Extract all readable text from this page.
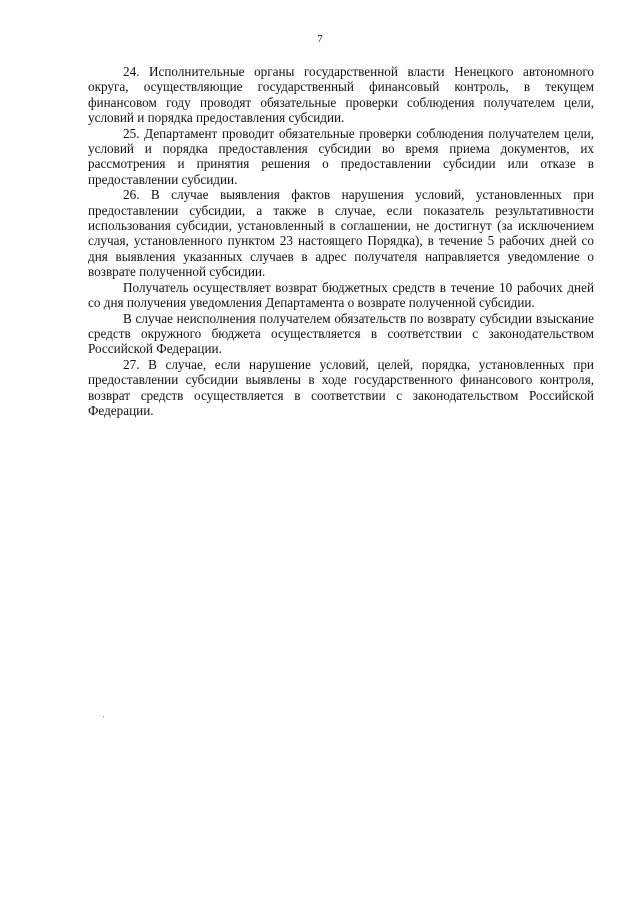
7

24. Исполнительные органы государственной власти Ненецкого автономного округа, осуществляющие государственный финансовый контроль, в текущем финансовом году проводят обязательные проверки соблюдения получателем цели, условий и порядка предоставления субсидии.

25. Департамент проводит обязательные проверки соблюдения получателем цели, условий и порядка предоставления субсидии во время приема документов, их рассмотрения и принятия решения о предоставлении субсидии или отказе в предоставлении субсидии.

26. В случае выявления фактов нарушения условий, установленных при предоставлении субсидии, а также в случае, если показатель результативности использования субсидии, установленный в соглашении, не достигнут (за исключением случая, установленного пунктом 23 настоящего Порядка), в течение 5 рабочих дней со дня выявления указанных случаев в адрес получателя направляется уведомление о возврате полученной субсидии.

Получатель осуществляет возврат бюджетных средств в течение 10 рабочих дней со дня получения уведомления Департамента о возврате полученной субсидии.

В случае неисполнения получателем обязательств по возврату субсидии взыскание средств окружного бюджета осуществляется в соответствии с законодательством Российской Федерации.

27. В случае, если нарушение условий, целей, порядка, установленных при предоставлении субсидии выявлены в ходе государственного финансового контроля, возврат средств осуществляется в соответствии с законодательством Российской Федерации.
